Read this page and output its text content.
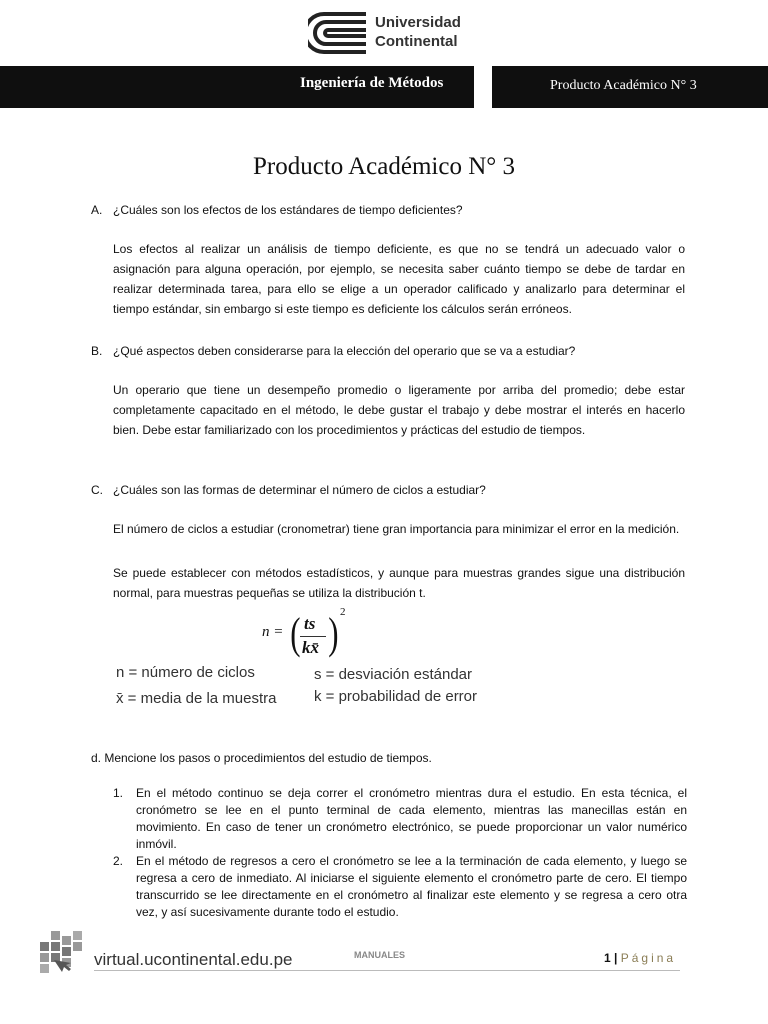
Universidad
Continental
Ingeniería de Métodos	Producto Académico N° 3
Producto Académico N° 3
A. ¿Cuáles son los efectos de los estándares de tiempo deficientes?
Los efectos al realizar un análisis de tiempo deficiente, es que no se tendrá un adecuado valor o asignación para alguna operación, por ejemplo, se necesita saber cuánto tiempo se debe de tardar en realizar determinada tarea, para ello se elige a un operador calificado y analizarlo para determinar el tiempo estándar, sin embargo si este tiempo es deficiente los cálculos serán erróneos.
B. ¿Qué aspectos deben considerarse para la elección del operario que se va a estudiar?
Un operario que tiene un desempeño promedio o ligeramente por arriba del promedio; debe estar completamente capacitado en el método, le debe gustar el trabajo y debe mostrar el interés en hacerlo bien. Debe estar familiarizado con los procedimientos y prácticas del estudio de tiempos.
C. ¿Cuáles son las formas de determinar el número de ciclos a estudiar?
El número de ciclos a estudiar (cronometrar) tiene gran importancia para minimizar el error en la medición.
Se puede establecer con métodos estadísticos, y aunque para muestras grandes sigue una distribución normal, para muestras pequeñas se utiliza la distribución t.
n = ( ts
kx̄ ) 2
n = número de ciclos	s = desviación estándar
x̄ = media de la muestra	k = probabilidad de error
d. Mencione los pasos o procedimientos del estudio de tiempos.
1. En el método continuo se deja correr el cronómetro mientras dura el estudio. En esta técnica, el cronómetro se lee en el punto terminal de cada elemento, mientras las manecillas están en movimiento. En caso de tener un cronómetro electrónico, se puede proporcionar un valor numérico inmóvil.
2. En el método de regresos a cero el cronómetro se lee a la terminación de cada elemento, y luego se regresa a cero de inmediato. Al iniciarse el siguiente elemento el cronómetro parte de cero. El tiempo transcurrido se lee directamente en el cronómetro al finalizar este elemento y se regresa a cero otra vez, y así sucesivamente durante todo el estudio.
virtual.ucontinental.edu.pe	MANUALES	1 | Página
